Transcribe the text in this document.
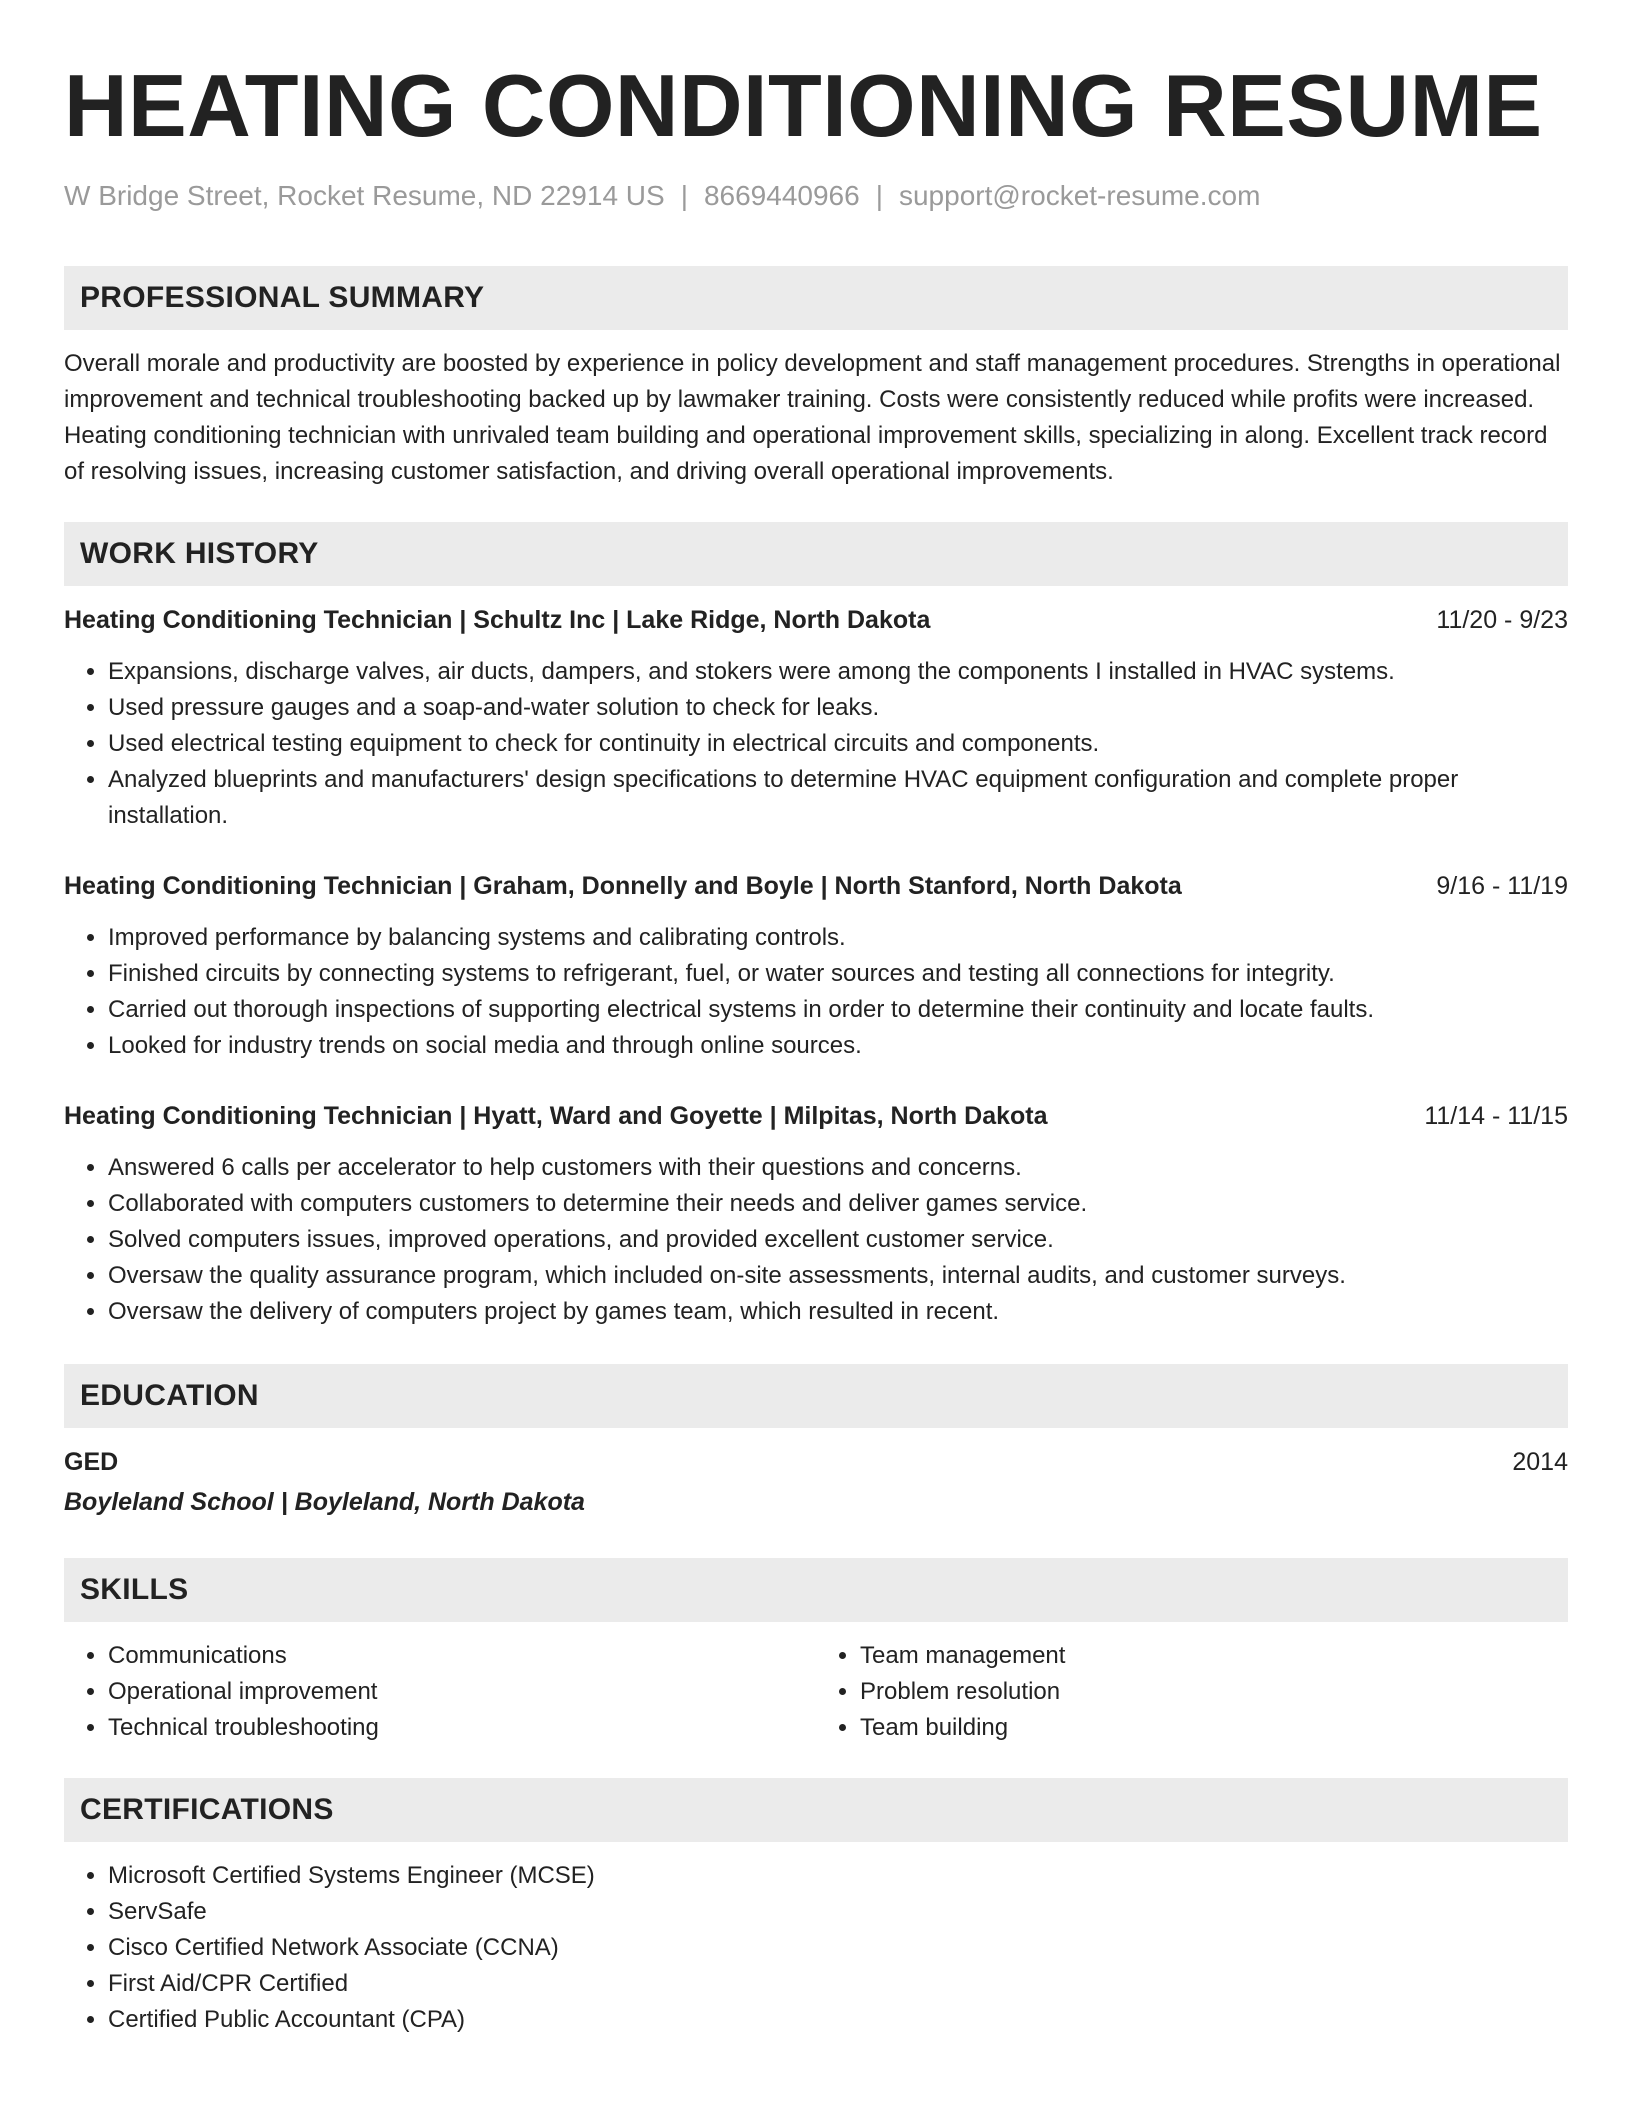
HEATING CONDITIONING RESUME
W Bridge Street, Rocket Resume, ND 22914 US | 8669440966 | support@rocket-resume.com
PROFESSIONAL SUMMARY
Overall morale and productivity are boosted by experience in policy development and staff management procedures. Strengths in operational improvement and technical troubleshooting backed up by lawmaker training. Costs were consistently reduced while profits were increased. Heating conditioning technician with unrivaled team building and operational improvement skills, specializing in along. Excellent track record of resolving issues, increasing customer satisfaction, and driving overall operational improvements.
WORK HISTORY
Heating Conditioning Technician | Schultz Inc | Lake Ridge, North Dakota	11/20 - 9/23
• Expansions, discharge valves, air ducts, dampers, and stokers were among the components I installed in HVAC systems.
• Used pressure gauges and a soap-and-water solution to check for leaks.
• Used electrical testing equipment to check for continuity in electrical circuits and components.
• Analyzed blueprints and manufacturers' design specifications to determine HVAC equipment configuration and complete proper installation.
Heating Conditioning Technician | Graham, Donnelly and Boyle | North Stanford, North Dakota	9/16 - 11/19
• Improved performance by balancing systems and calibrating controls.
• Finished circuits by connecting systems to refrigerant, fuel, or water sources and testing all connections for integrity.
• Carried out thorough inspections of supporting electrical systems in order to determine their continuity and locate faults.
• Looked for industry trends on social media and through online sources.
Heating Conditioning Technician | Hyatt, Ward and Goyette | Milpitas, North Dakota	11/14 - 11/15
• Answered 6 calls per accelerator to help customers with their questions and concerns.
• Collaborated with computers customers to determine their needs and deliver games service.
• Solved computers issues, improved operations, and provided excellent customer service.
• Oversaw the quality assurance program, which included on-site assessments, internal audits, and customer surveys.
• Oversaw the delivery of computers project by games team, which resulted in recent.
EDUCATION
GED	2014
Boyleland School | Boyleland, North Dakota
SKILLS
• Communications
• Operational improvement
• Technical troubleshooting
• Team management
• Problem resolution
• Team building
CERTIFICATIONS
• Microsoft Certified Systems Engineer (MCSE)
• ServSafe
• Cisco Certified Network Associate (CCNA)
• First Aid/CPR Certified
• Certified Public Accountant (CPA)
